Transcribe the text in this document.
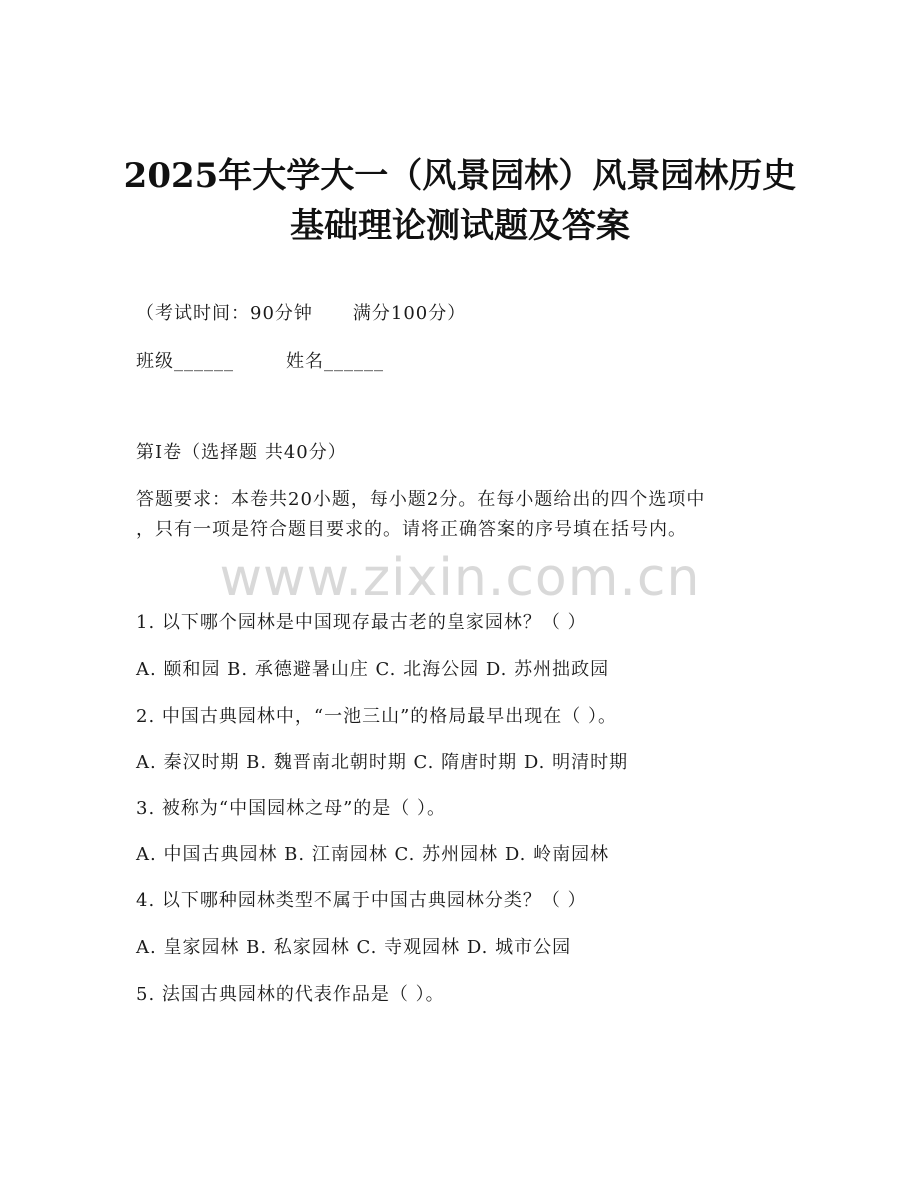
2025年大学大一（风景园林）风景园林历史
基础理论测试题及答案
（考试时间：90分钟 满分100分）
班级______	姓名______
第I卷（选择题 共40分）
答题要求：本卷共20小题，每小题2分。在每小题给出的四个选项中
，只有一项是符合题目要求的。请将正确答案的序号填在括号内。
www.zixin.com.cn
1. 以下哪个园林是中国现存最古老的皇家园林？（ ）
A. 颐和园 B. 承德避暑山庄 C. 北海公园 D. 苏州拙政园
2. 中国古典园林中，“一池三山”的格局最早出现在（ ）。
A. 秦汉时期 B. 魏晋南北朝时期 C. 隋唐时期 D. 明清时期
3. 被称为“中国园林之母”的是（ ）。
A. 中国古典园林 B. 江南园林 C. 苏州园林 D. 岭南园林
4. 以下哪种园林类型不属于中国古典园林分类？（ ）
A. 皇家园林 B. 私家园林 C. 寺观园林 D. 城市公园
5. 法国古典园林的代表作品是（ ）。
